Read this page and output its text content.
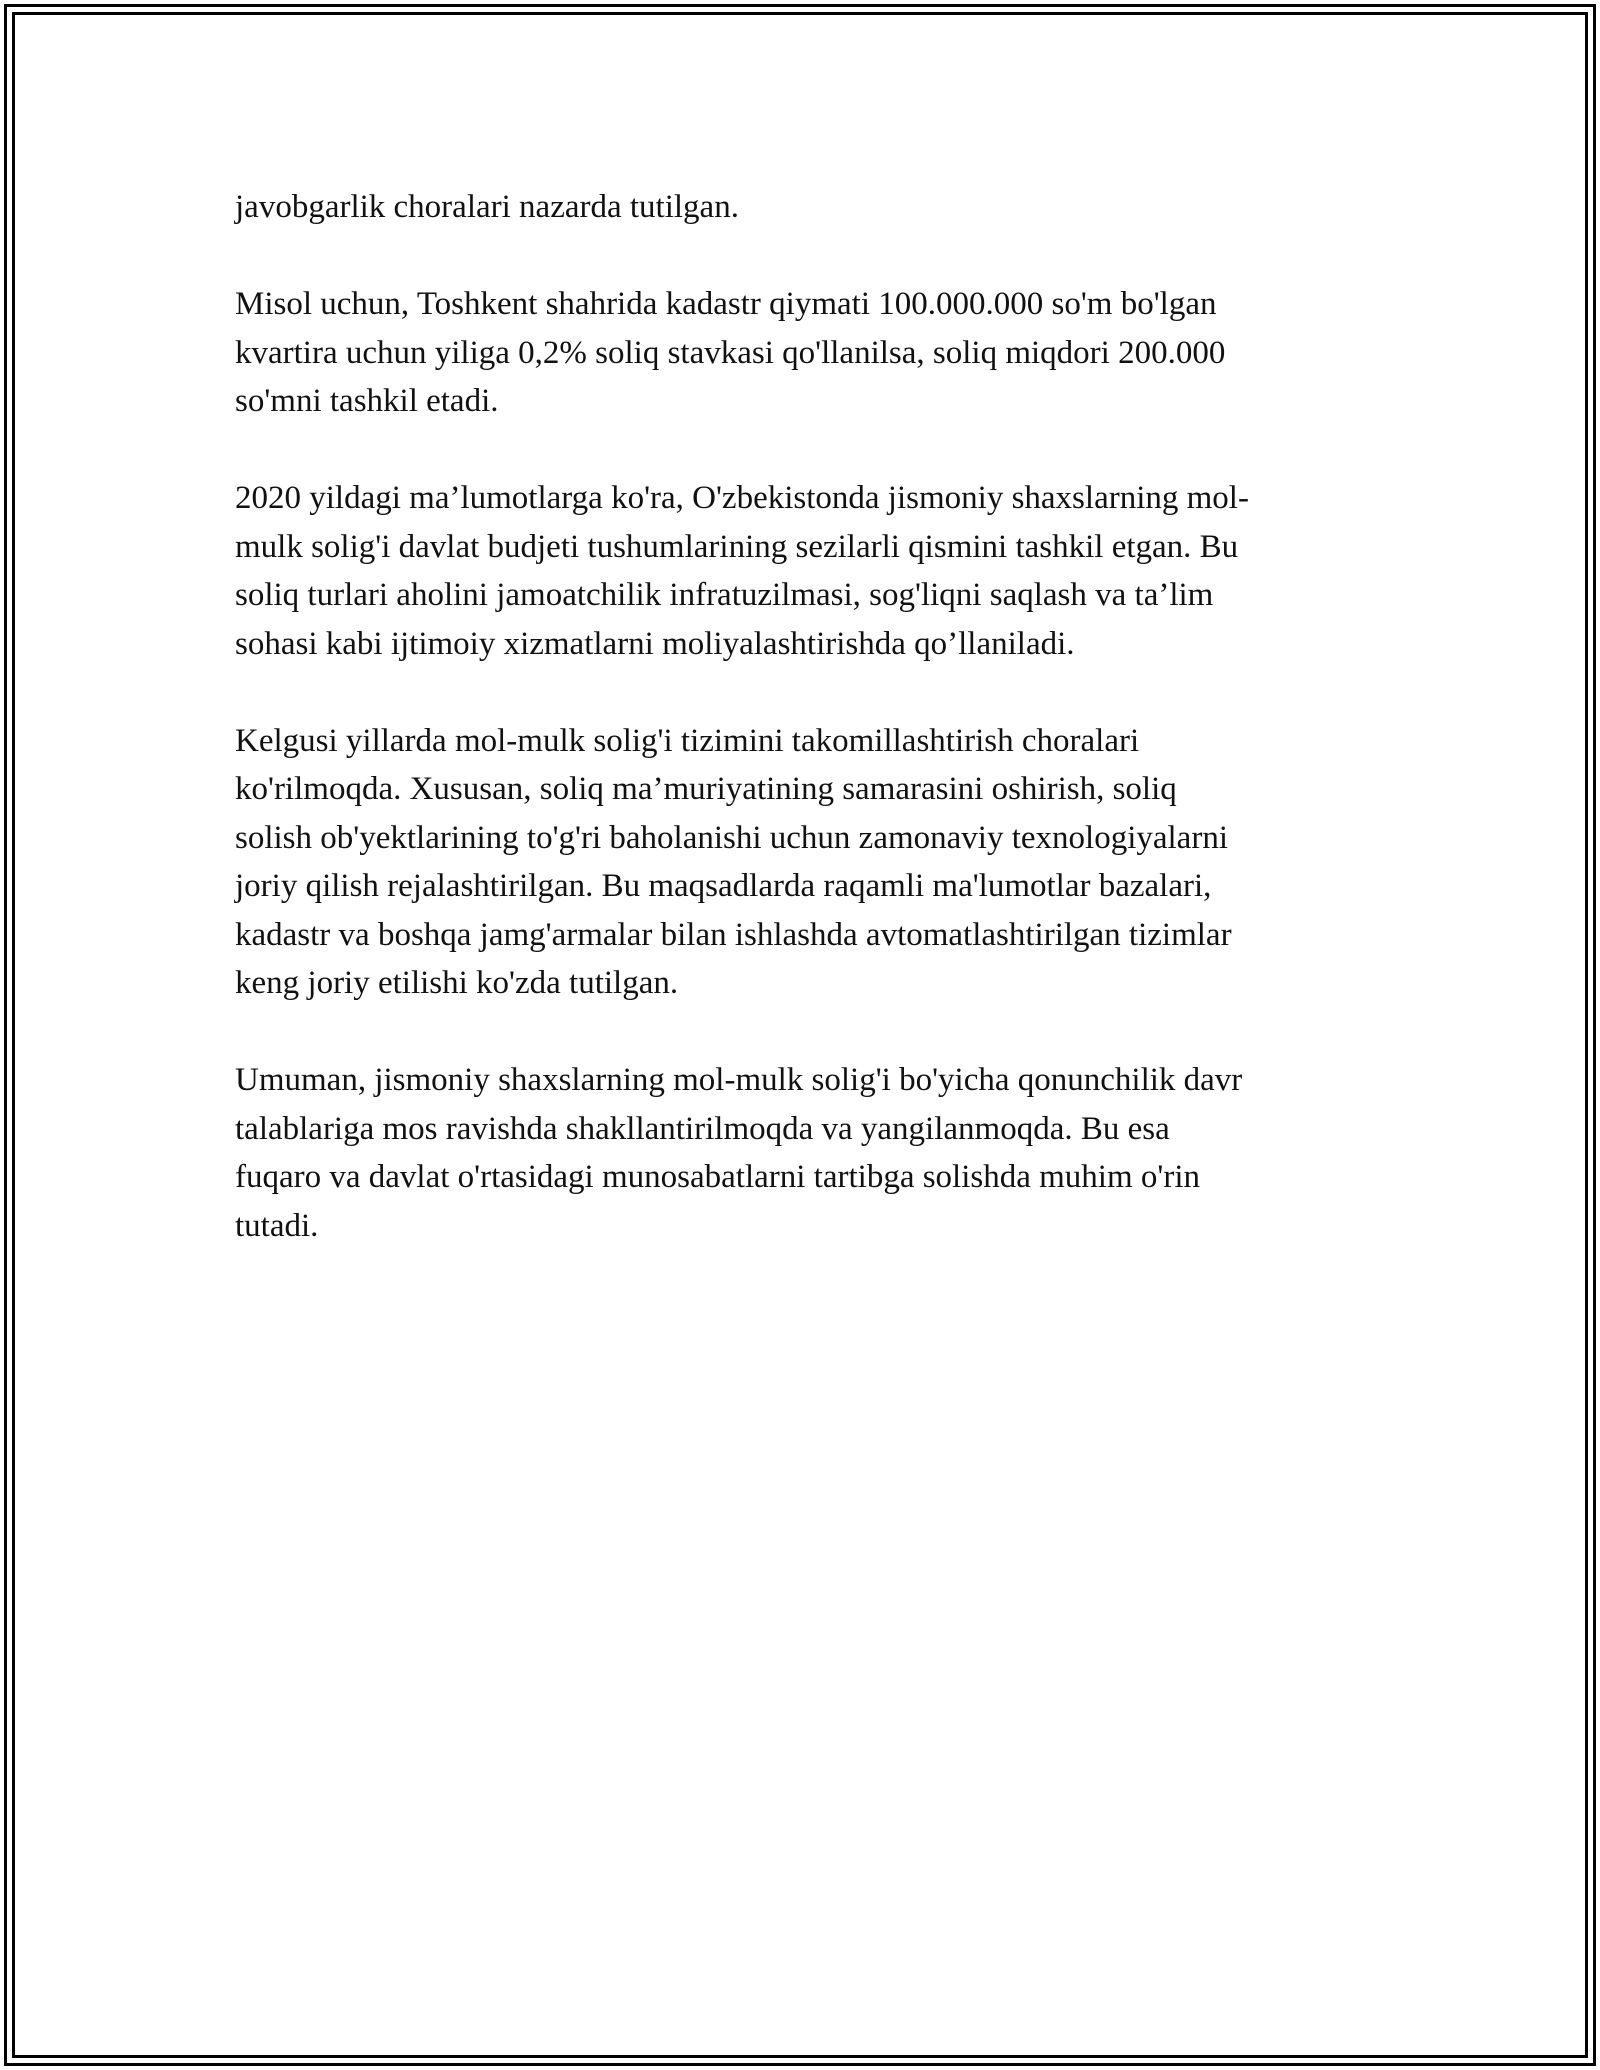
javobgarlik choralari nazarda tutilgan.

Misol uchun, Toshkent shahrida kadastr qiymati 100.000.000 so'm bo'lgan
kvartira uchun yiliga 0,2% soliq stavkasi qo'llanilsa, soliq miqdori 200.000
so'mni tashkil etadi.

2020 yildagi ma’lumotlarga ko'ra, O'zbekistonda jismoniy shaxslarning mol-
mulk solig'i davlat budjeti tushumlarining sezilarli qismini tashkil etgan. Bu
soliq turlari aholini jamoatchilik infratuzilmasi, sog'liqni saqlash va ta’lim
sohasi kabi ijtimoiy xizmatlarni moliyalashtirishda qo’llaniladi.

Kelgusi yillarda mol-mulk solig'i tizimini takomillashtirish choralari
ko'rilmoqda. Xususan, soliq ma’muriyatining samarasini oshirish, soliq
solish ob'yektlarining to'g'ri baholanishi uchun zamonaviy texnologiyalarni
joriy qilish rejalashtirilgan. Bu maqsadlarda raqamli ma'lumotlar bazalari,
kadastr va boshqa jamg'armalar bilan ishlashda avtomatlashtirilgan tizimlar
keng joriy etilishi ko'zda tutilgan.

Umuman, jismoniy shaxslarning mol-mulk solig'i bo'yicha qonunchilik davr
talablariga mos ravishda shakllantirilmoqda va yangilanmoqda. Bu esa
fuqaro va davlat o'rtasidagi munosabatlarni tartibga solishda muhim o'rin
tutadi.
